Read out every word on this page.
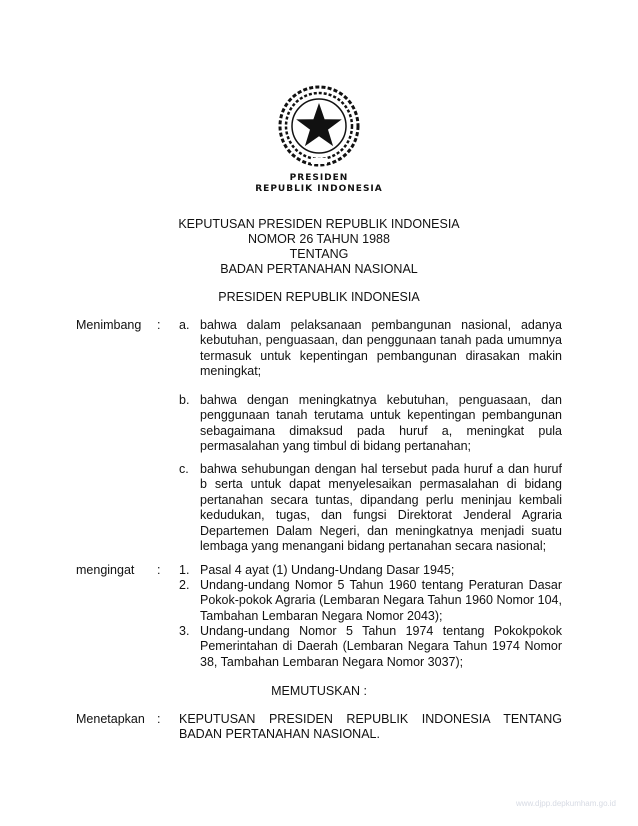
PRESIDEN
REPUBLIK INDONESIA
KEPUTUSAN PRESIDEN REPUBLIK INDONESIA
NOMOR 26 TAHUN 1988
TENTANG
BADAN PERTANAHAN NASIONAL
PRESIDEN REPUBLIK INDONESIA
Menimbang : a. bahwa dalam pelaksanaan pembangunan nasional, adanya kebutuhan, penguasaan, dan penggunaan tanah pada umumnya termasuk untuk kepentingan pembangunan dirasakan makin meningkat;
b. bahwa dengan meningkatnya kebutuhan, penguasaan, dan penggunaan tanah terutama untuk kepentingan pembangunan sebagaimana dimaksud pada huruf a, meningkat pula permasalahan yang timbul di bidang pertanahan;
c. bahwa sehubungan dengan hal tersebut pada huruf a dan huruf b serta untuk dapat menyelesaikan permasalahan di bidang pertanahan secara tuntas, dipandang perlu meninjau kembali kedudukan, tugas, dan fungsi Direktorat Jenderal Agraria Departemen Dalam Negeri, dan meningkatnya menjadi suatu lembaga yang menangani bidang pertanahan secara nasional;
mengingat : 1. Pasal 4 ayat (1) Undang-Undang Dasar 1945;
2. Undang-undang Nomor 5 Tahun 1960 tentang Peraturan Dasar Pokok-pokok Agraria (Lembaran Negara Tahun 1960 Nomor 104, Tambahan Lembaran Negara Nomor 2043);
3. Undang-undang Nomor 5 Tahun 1974 tentang Pokokpokok Pemerintahan di Daerah (Lembaran Negara Tahun 1974 Nomor 38, Tambahan Lembaran Negara Nomor 3037);
MEMUTUSKAN :
Menetapkan : KEPUTUSAN PRESIDEN REPUBLIK INDONESIA TENTANG BADAN PERTANAHAN NASIONAL.
www.djpp.depkumham.go.id
